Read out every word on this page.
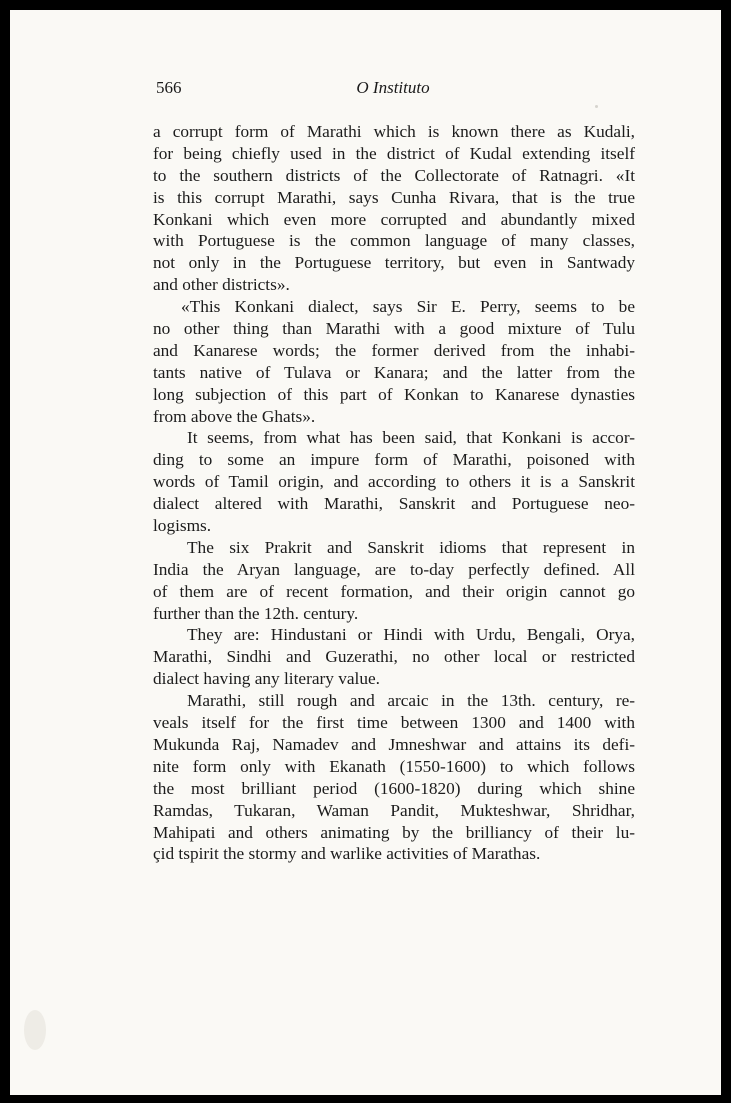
566	O Instituto
a corrupt form of Marathi which is known there as Kudali,
for being chiefly used in the district of Kudal extending itself
to the southern districts of the Collectorate of Ratnagri. «It
is this corrupt Marathi, says Cunha Rivara, that is the true
Konkani which even more corrupted and abundantly mixed
with Portuguese is the common language of many classes,
not only in the Portuguese territory, but even in Santwady
and other districts».
«This Konkani dialect, says Sir E. Perry, seems to be
no other thing than Marathi with a good mixture of Tulu
and Kanarese words; the former derived from the inhabi-
tants native of Tulava or Kanara; and the latter from the
long subjection of this part of Konkan to Kanarese dynasties
from above the Ghats».
It seems, from what has been said, that Konkani is accor-
ding to some an impure form of Marathi, poisoned with
words of Tamil origin, and according to others it is a Sanskrit
dialect altered with Marathi, Sanskrit and Portuguese neo-
logisms.
The six Prakrit and Sanskrit idioms that represent in
India the Aryan language, are to-day perfectly defined. All
of them are of recent formation, and their origin cannot go
further than the 12th. century.
They are: Hindustani or Hindi with Urdu, Bengali, Orya,
Marathi, Sindhi and Guzerathi, no other local or restricted
dialect having any literary value.
Marathi, still rough and arcaic in the 13th. century, re-
veals itself for the first time between 1300 and 1400 with
Mukunda Raj, Namadev and Jmneshwar and attains its defi-
nite form only with Ekanath (1550-1600) to which follows
the most brilliant period (1600-1820) during which shine
Ramdas, Tukaran, Waman Pandit, Mukteshwar, Shridhar,
Mahipati and others animating by the brilliancy of their lu-
çid tspirit the stormy and warlike activities of Marathas.
